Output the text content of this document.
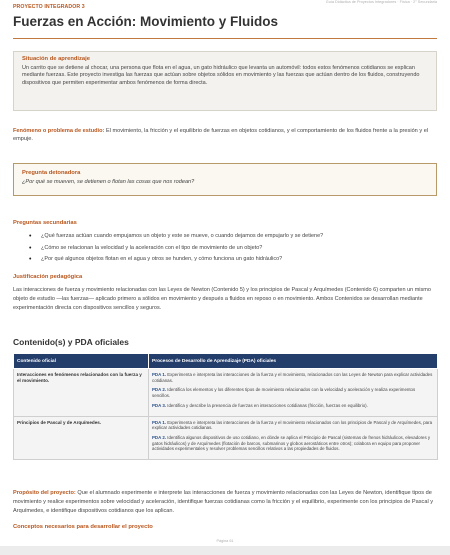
PROYECTO INTEGRADOR 3
Guía Didáctica de Proyectos Integradores · Física · 2° Secundaria
Fuerzas en Acción: Movimiento y Fluidos
Situación de aprendizaje
Un carrito que se detiene al chocar, una persona que flota en el agua, un gato hidráulico que levanta un automóvil: todos estos fenómenos cotidianos se explican mediante fuerzas. Este proyecto investiga las fuerzas que actúan sobre objetos sólidos en movimiento y las fuerzas que actúan dentro de los fluidos, construyendo dispositivos que permiten experimentar ambos fenómenos de forma directa.
Fenómeno o problema de estudio: El movimiento, la fricción y el equilibrio de fuerzas en objetos cotidianos, y el comportamiento de los fluidos frente a la presión y el empuje.
Pregunta detonadora
¿Por qué se mueven, se detienen o flotan las cosas que nos rodean?
Preguntas secundarias
• ¿Qué fuerzas actúan cuando empujamos un objeto y este se mueve, o cuando dejamos de empujarlo y se detiene?
• ¿Cómo se relacionan la velocidad y la aceleración con el tipo de movimiento de un objeto?
• ¿Por qué algunos objetos flotan en el agua y otros se hunden, y cómo funciona un gato hidráulico?
Justificación pedagógica
Las interacciones de fuerza y movimiento relacionadas con las Leyes de Newton (Contenido 5) y los principios de Pascal y Arquímedes (Contenido 6) comparten un mismo objeto de estudio —las fuerzas— aplicado primero a sólidos en movimiento y después a fluidos en reposo o en movimiento. Ambos Contenidos se desarrollan mediante experimentación directa con dispositivos sencillos y seguros.
Contenido(s) y PDA oficiales
Contenido oficial	Procesos de Desarrollo de Aprendizaje (PDA) oficiales
Interacciones en fenómenos relacionados con la fuerza y el movimiento.	PDA 1. Experimenta e interpreta las interacciones de la fuerza y el movimiento, relacionados con las Leyes de Newton para explicar actividades cotidianas.
PDA 2. Identifica los elementos y los diferentes tipos de movimiento relacionados con la velocidad y aceleración y realiza experimentos sencillos.
PDA 3. Identifica y describe la presencia de fuerzas en interacciones cotidianas (fricción, fuerzas en equilibrio).

Principios de Pascal y de Arquímedes.	PDA 1. Experimenta e interpreta las interacciones de la fuerza y el movimiento relacionados con los principios de Pascal y de Arquímedes, para explicar actividades cotidianas.
PDA 2. Identifica algunos dispositivos de uso cotidiano, en dónde se aplica el Principio de Pascal (sistemas de frenos hidráulicos, elevadores y gatos hidráulicos) y de Arquímedes (flotación de barcos, submarinos y globos aerostáticos entre otros); colabora en equipo para proponer actividades experimentales y resolver problemas sencillos relativos a las propiedades de fluidos.
Propósito del proyecto: Que el alumnado experimente e interprete las interacciones de fuerza y movimiento relacionadas con las Leyes de Newton, identifique tipos de movimiento y realice experimentos sobre velocidad y aceleración, identifique fuerzas cotidianas como la fricción y el equilibrio, experimente con los principios de Pascal y Arquímedes, e identifique dispositivos cotidianos que los aplican.
Conceptos necesarios para desarrollar el proyecto
Página 61
